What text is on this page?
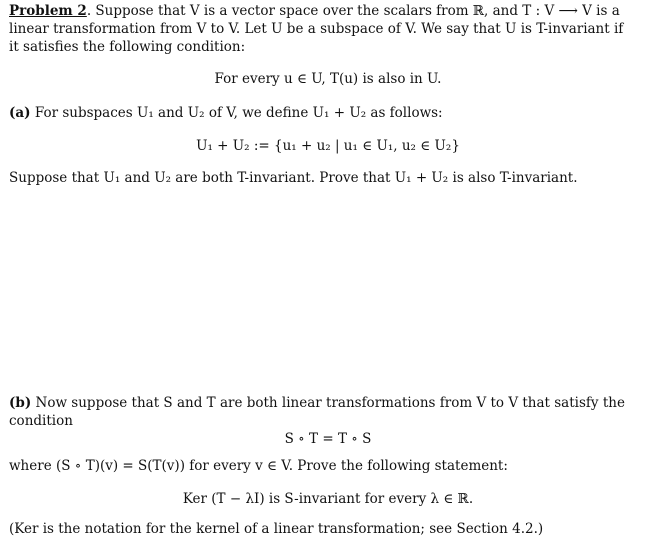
Problem 2. Suppose that V is a vector space over the scalars from ℝ, and T : V ⟶ V is a
linear transformation from V to V. Let U be a subspace of V. We say that U is T-invariant if
it satisfies the following condition:
For every u ∈ U, T(u) is also in U.
(a) For subspaces U₁ and U₂ of V, we define U₁ + U₂ as follows:
U₁ + U₂ := {u₁ + u₂ | u₁ ∈ U₁, u₂ ∈ U₂}
Suppose that U₁ and U₂ are both T-invariant. Prove that U₁ + U₂ is also T-invariant.
(b) Now suppose that S and T are both linear transformations from V to V that satisfy the
condition
S ∘ T = T ∘ S
where (S ∘ T)(v) = S(T(v)) for every v ∈ V. Prove the following statement:
Ker (T − λI) is S-invariant for every λ ∈ ℝ.
(Ker is the notation for the kernel of a linear transformation; see Section 4.2.)
